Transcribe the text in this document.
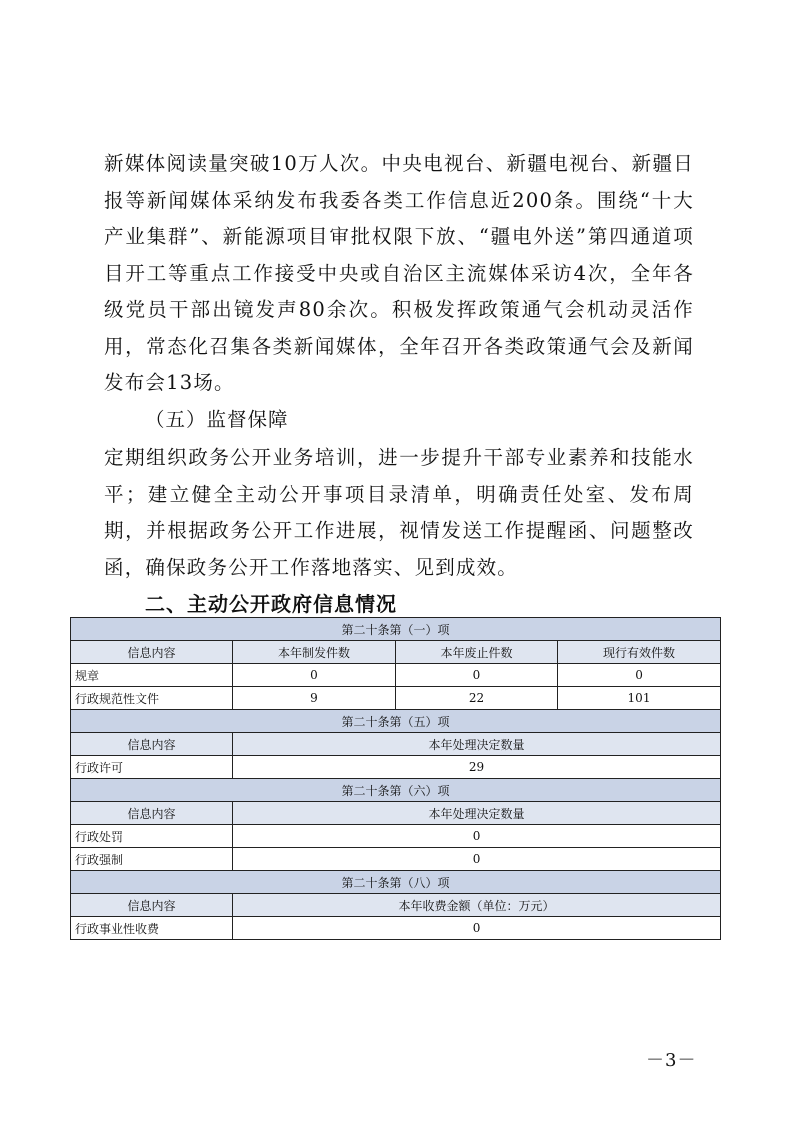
新媒体阅读量突破10万人次。中央电视台、新疆电视台、新疆日报等新闻媒体采纳发布我委各类工作信息近200条。围绕“十大产业集群”、新能源项目审批权限下放、“疆电外送”第四通道项目开工等重点工作接受中央或自治区主流媒体采访4次，全年各级党员干部出镜发声80余次。积极发挥政策通气会机动灵活作用，常态化召集各类新闻媒体，全年召开各类政策通气会及新闻发布会13场。
（五）监督保障
定期组织政务公开业务培训，进一步提升干部专业素养和技能水平；建立健全主动公开事项目录清单，明确责任处室、发布周期，并根据政务公开工作进展，视情发送工作提醒函、问题整改函，确保政务公开工作落地落实、见到成效。
二、主动公开政府信息情况
第二十条第（一）项			
信息内容	本年制发件数	本年废止件数	现行有效件数
规章	0	0	0
行政规范性文件	9	22	101
第二十条第（五）项			
信息内容	本年处理决定数量		
行政许可	29		
第二十条第（六）项			
信息内容	本年处理决定数量		
行政处罚	0		
行政强制	0		
第二十条第（八）项			
信息内容	本年收费金额（单位：万元）		
行政事业性收费	0		
－3－
